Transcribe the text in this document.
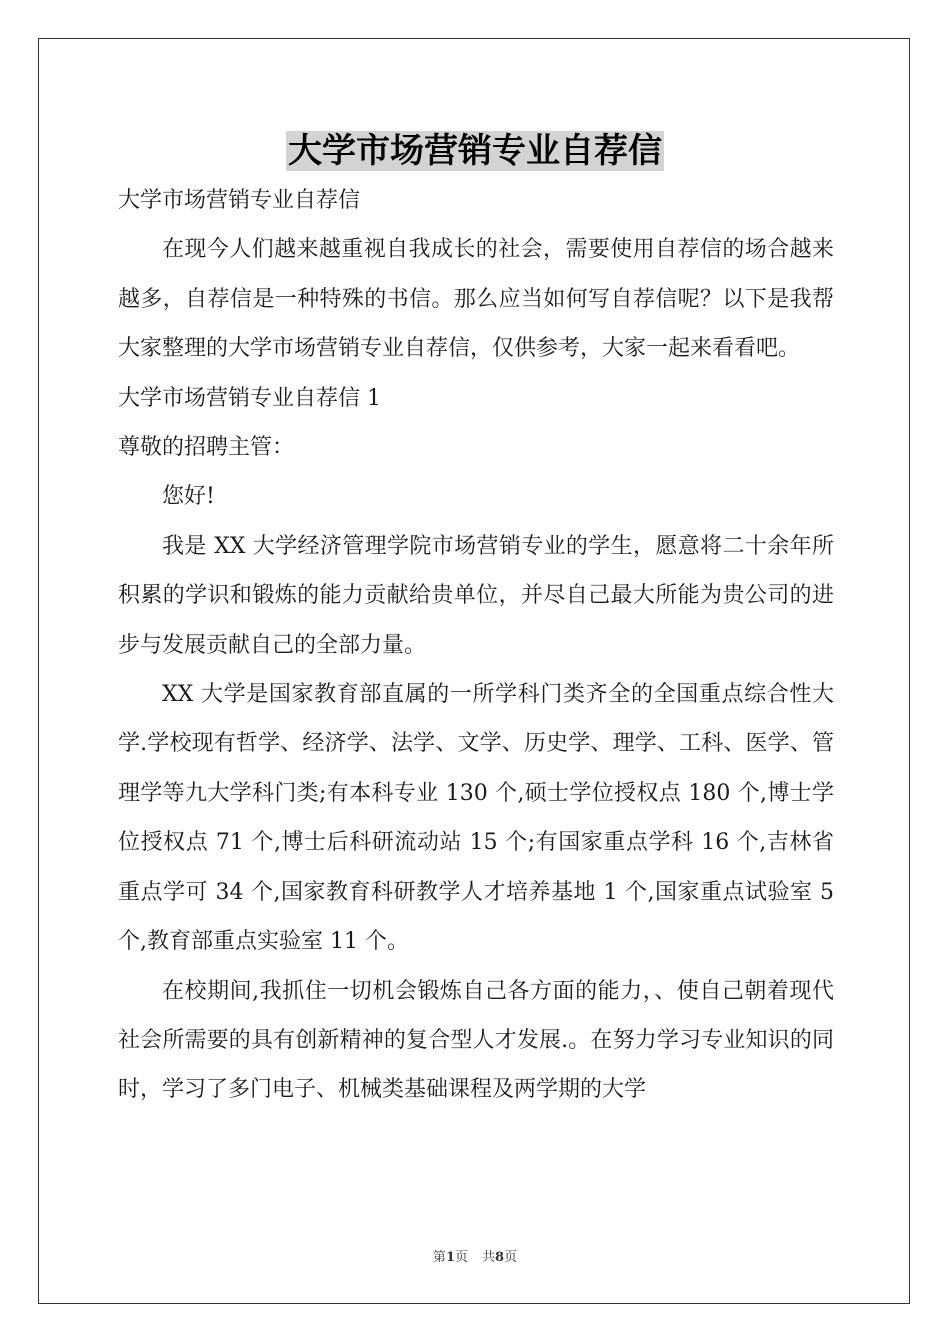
大学市场营销专业自荐信

大学市场营销专业自荐信

在现今人们越来越重视自我成长的社会，需要使用自荐信的场合越来越多，自荐信是一种特殊的书信。那么应当如何写自荐信呢？以下是我帮大家整理的大学市场营销专业自荐信，仅供参考，大家一起来看看吧。

大学市场营销专业自荐信 1

尊敬的招聘主管：

您好!

我是 XX 大学经济管理学院市场营销专业的学生，愿意将二十余年所积累的学识和锻炼的能力贡献给贵单位，并尽自己最大所能为贵公司的进步与发展贡献自己的全部力量。

XX 大学是国家教育部直属的一所学科门类齐全的全国重点综合性大学.学校现有哲学、经济学、法学、文学、历史学、理学、工科、医学、管理学等九大学科门类;有本科专业 130 个,硕士学位授权点 180 个,博士学位授权点 71 个,博士后科研流动站 15 个;有国家重点学科 16 个,吉林省重点学可 34 个,国家教育科研教学人才培养基地 1 个,国家重点试验室 5 个,教育部重点实验室 11 个。

在校期间,我抓住一切机会锻炼自己各方面的能力，、使自己朝着现代社会所需要的具有创新精神的复合型人才发展.。在努力学习专业知识的同时，学习了多门电子、机械类基础课程及两学期的大学

第1页 共8页
